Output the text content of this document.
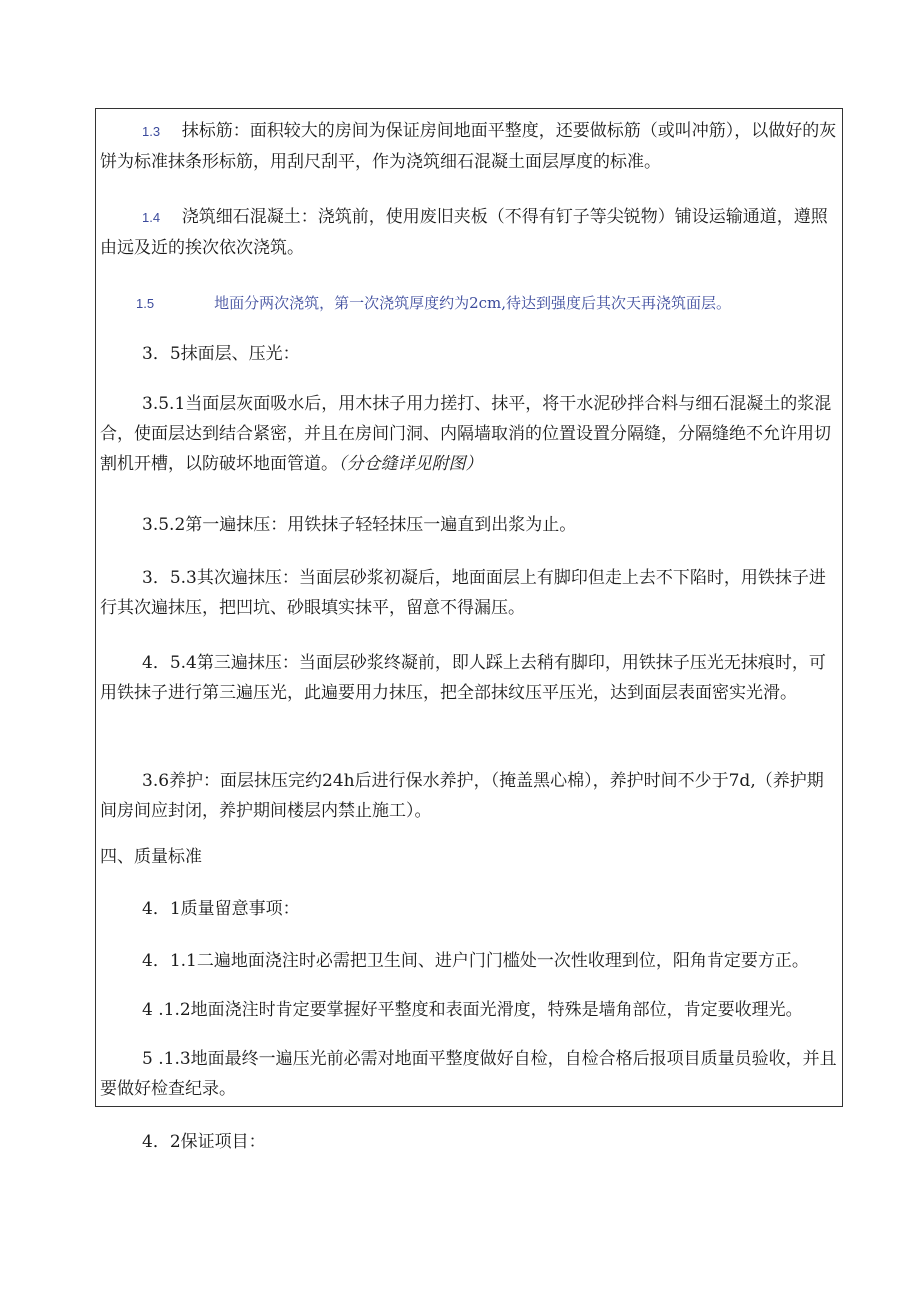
1.3 抹标筋：面积较大的房间为保证房间地面平整度，还要做标筋（或叫冲筋），以做好的灰饼为标准抹条形标筋，用刮尺刮平，作为浇筑细石混凝土面层厚度的标准。

1.4 浇筑细石混凝土：浇筑前，使用废旧夹板（不得有钉子等尖锐物）铺设运输通道，遵照由远及近的挨次依次浇筑。

1.5	地面分两次浇筑，第一次浇筑厚度约为2cm,待达到强度后其次天再浇筑面层。

3．5抹面层、压光：

3.5.1当面层灰面吸水后，用木抹子用力搓打、抹平，将干水泥砂拌合料与细石混凝土的浆混合，使面层达到结合紧密，并且在房间门洞、内隔墙取消的位置设置分隔缝，分隔缝绝不允许用切割机开槽，以防破坏地面管道。（分仓缝详见附图）

3.5.2第一遍抹压：用铁抹子轻轻抹压一遍直到出浆为止。

3．5.3其次遍抹压：当面层砂浆初凝后，地面面层上有脚印但走上去不下陷时，用铁抹子进行其次遍抹压，把凹坑、砂眼填实抹平，留意不得漏压。

4．5.4第三遍抹压：当面层砂浆终凝前，即人踩上去稍有脚印，用铁抹子压光无抹痕时，可用铁抹子进行第三遍压光，此遍要用力抹压，把全部抹纹压平压光，达到面层表面密实光滑。

3.6养护：面层抹压完约24h后进行保水养护，（掩盖黑心棉），养护时间不少于7d,（养护期间房间应封闭，养护期间楼层内禁止施工）。

四、质量标准

4．1质量留意事项：

4．1.1二遍地面浇注时必需把卫生间、进户门门槛处一次性收理到位，阳角肯定要方正。

4 .1.2地面浇注时肯定要掌握好平整度和表面光滑度，特殊是墙角部位，肯定要收理光。

5 .1.3地面最终一遍压光前必需对地面平整度做好自检，自检合格后报项目质量员验收，并且要做好检查纪录。

4．2保证项目：
